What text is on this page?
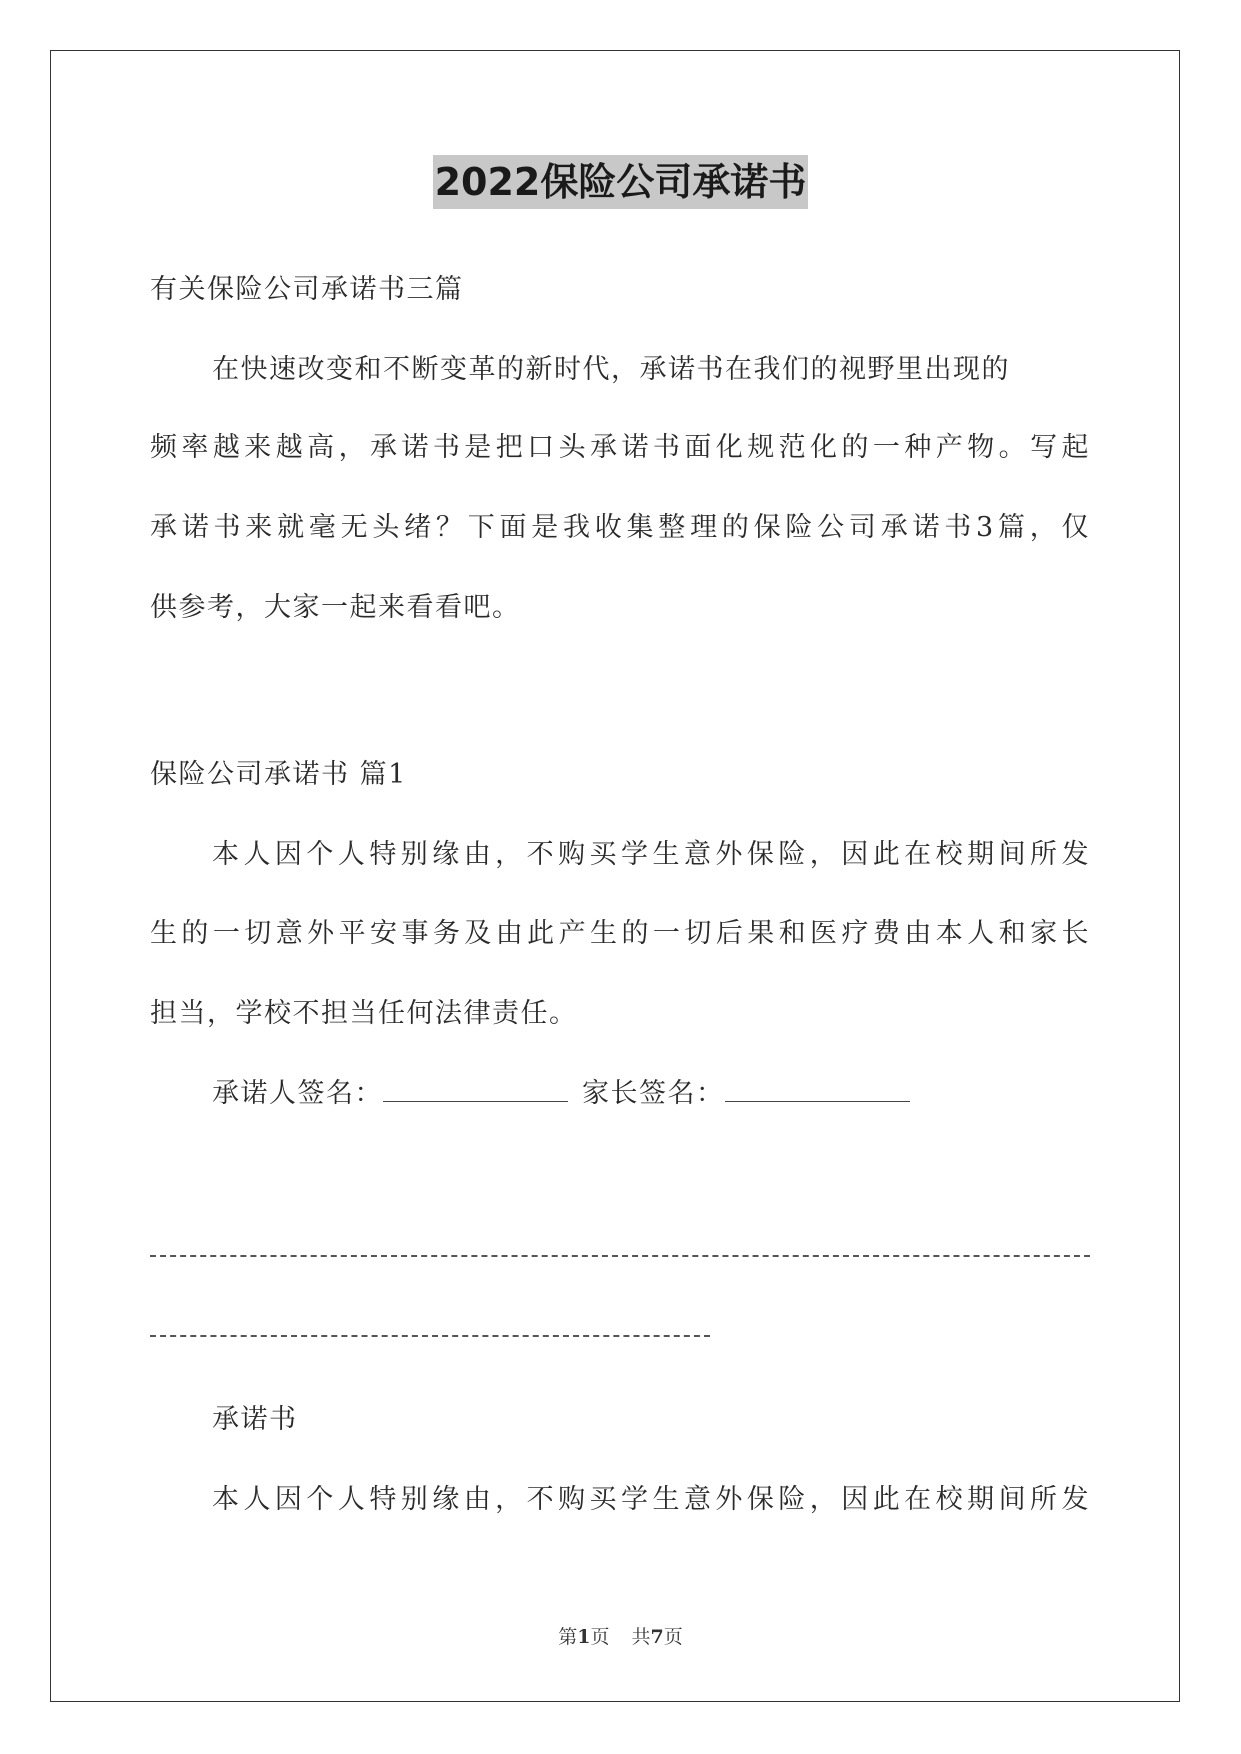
2022保险公司承诺书
有关保险公司承诺书三篇
在快速改变和不断变革的新时代，承诺书在我们的视野里出现的
频率越来越高，承诺书是把口头承诺书面化规范化的一种产物。写起
承诺书来就毫无头绪？下面是我收集整理的保险公司承诺书3篇，仅
供参考，大家一起来看看吧。
保险公司承诺书 篇1
本人因个人特别缘由，不购买学生意外保险，因此在校期间所发
生的一切意外平安事务及由此产生的一切后果和医疗费由本人和家长
担当，学校不担当任何法律责任。
承诺人签名：	家长签名：
承诺书
本人因个人特别缘由，不购买学生意外保险，因此在校期间所发
第1页 共7页
